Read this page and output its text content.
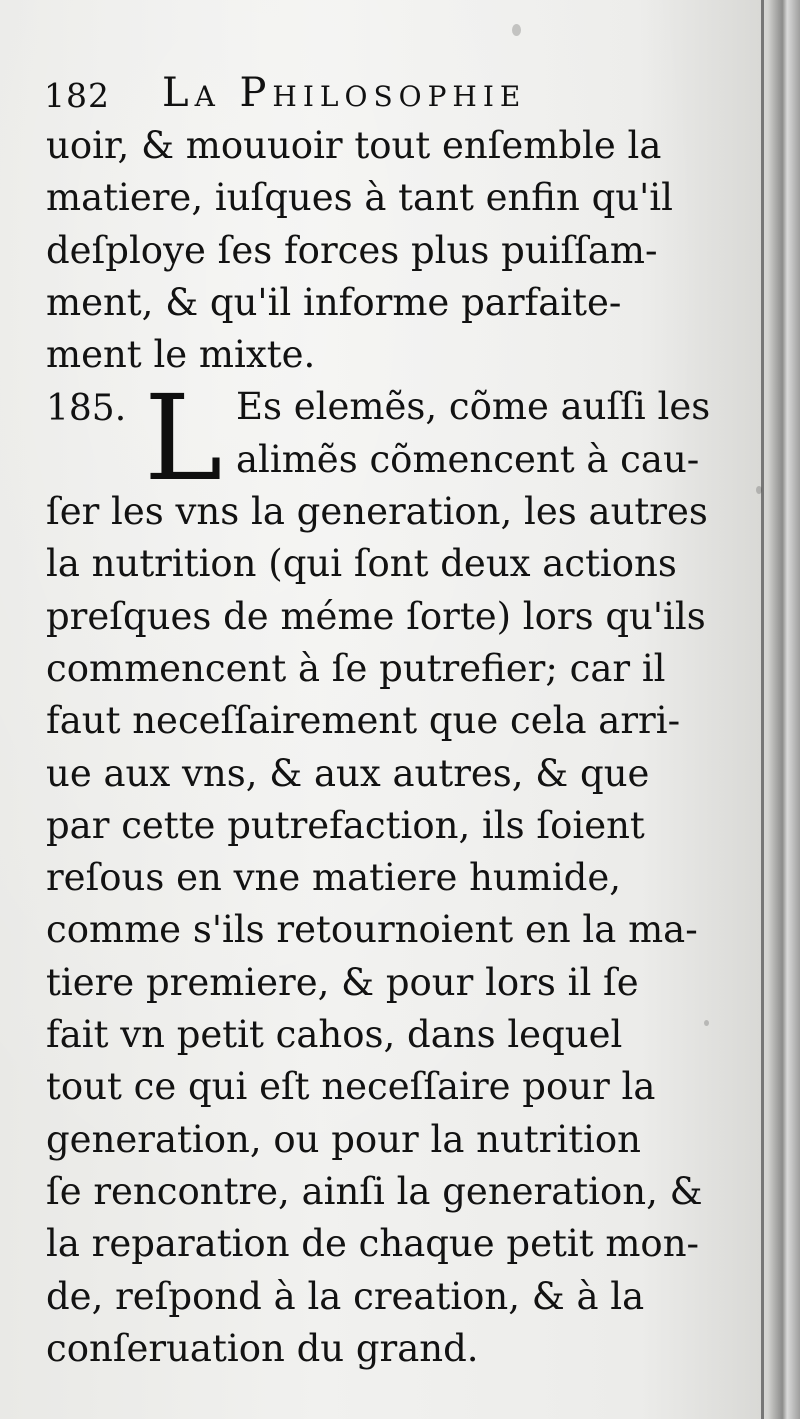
182 La Philosophie
uoir, & mouuoir tout enſemble la
matiere, iuſques à tant enfin qu'il
deſploye ſes forces plus puiſſam-
ment, & qu'il informe parfaite-
ment le mixte.
185. L Es elemẽs, cõme auſſi les
alimẽs cõmencent à cau-
ſer les vns la generation, les autres
la nutrition (qui ſont deux actions
preſques de méme ſorte) lors qu'ils
commencent à ſe putrefier; car il
faut neceſſairement que cela arri-
ue aux vns, & aux autres, & que
par cette putrefaction, ils ſoient
reſous en vne matiere humide,
comme s'ils retournoient en la ma-
tiere premiere, & pour lors il ſe
fait vn petit cahos, dans lequel
tout ce qui eſt neceſſaire pour la
generation, ou pour la nutrition
ſe rencontre, ainſi la generation, &
la reparation de chaque petit mon-
de, reſpond à la creation, & à la
conſeruation du grand.
